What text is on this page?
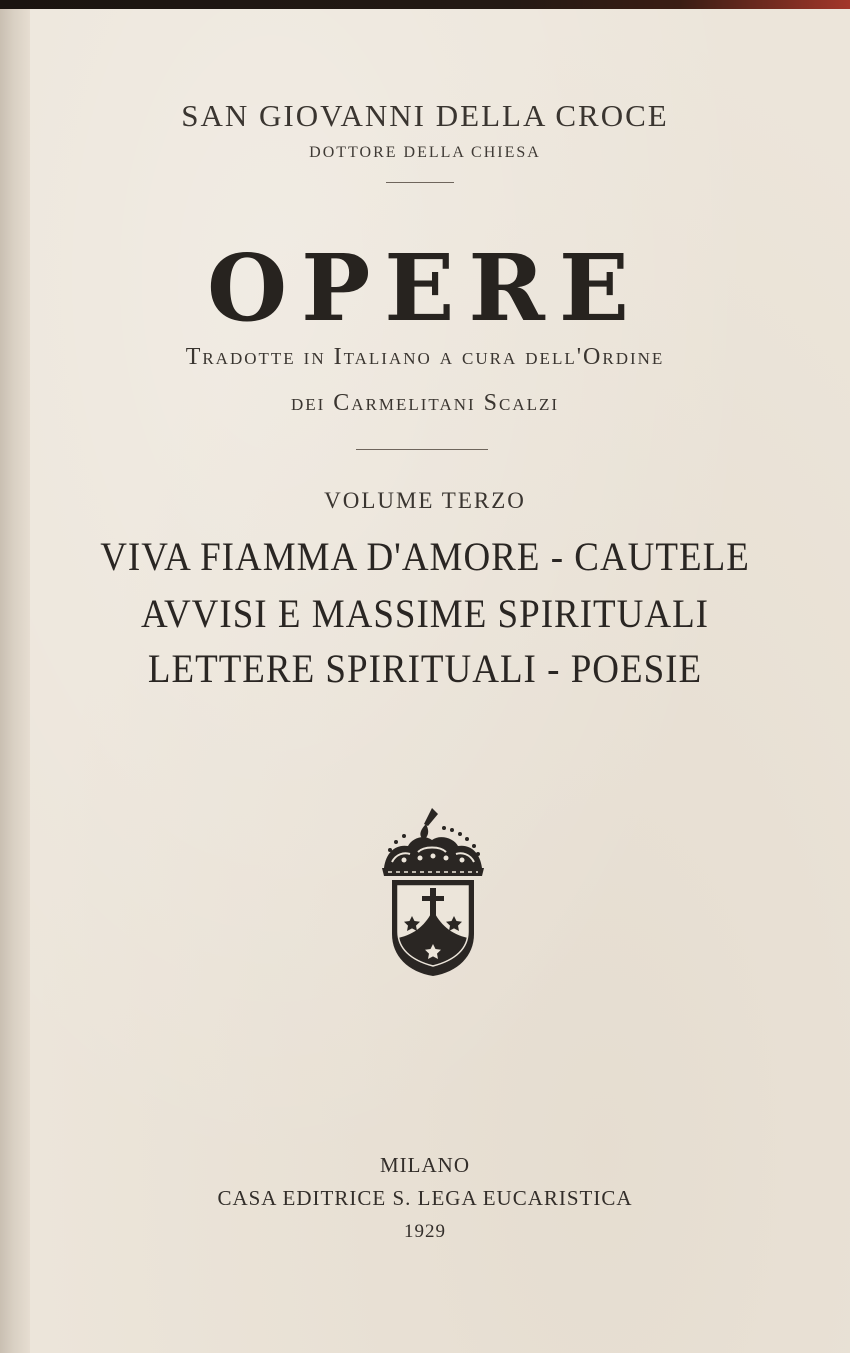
SAN GIOVANNI DELLA CROCE
DOTTORE DELLA CHIESA
OPERE
Tradotte in Italiano a cura dell'Ordine
dei Carmelitani Scalzi
VOLUME TERZO
VIVA FIAMMA D'AMORE - CAUTELE
AVVISI E MASSIME SPIRITUALI
LETTERE SPIRITUALI - POESIE
MILANO
CASA EDITRICE S. LEGA EUCARISTICA
1929
